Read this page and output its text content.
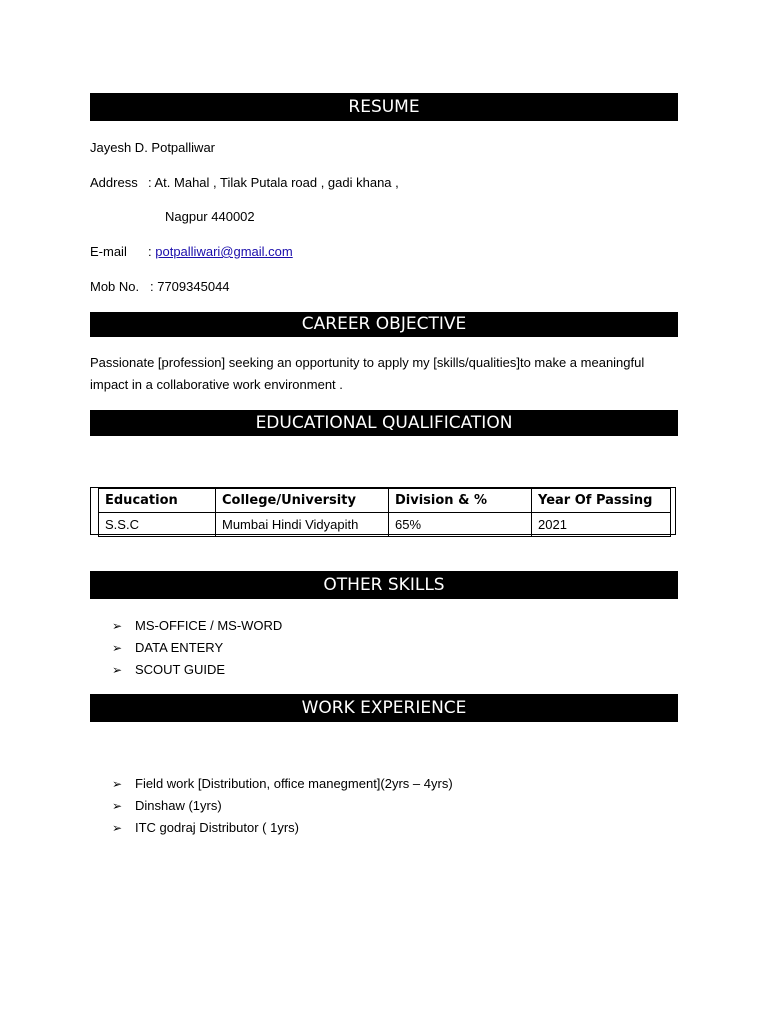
RESUME
Jayesh D. Potpalliwar
Address : At. Mahal , Tilak Putala road , gadi khana ,
Nagpur 440002
E-mail : potpalliwari@gmail.com
Mob No. : 7709345044
CAREER OBJECTIVE
Passionate [profession] seeking an opportunity to apply my [skills/qualities]to make a meaningful impact in a collaborative work environment .
EDUCATIONAL QUALIFICATION
Education	College/University	Division & %	Year Of Passing
S.S.C	Mumbai Hindi Vidyapith	65%	2021
OTHER SKILLS
➢ MS-OFFICE / MS-WORD
➢ DATA ENTERY
➢ SCOUT GUIDE
WORK EXPERIENCE
➢ Field work [Distribution, office manegment](2yrs – 4yrs)
➢ Dinshaw (1yrs)
➢ ITC godraj Distributor ( 1yrs)
